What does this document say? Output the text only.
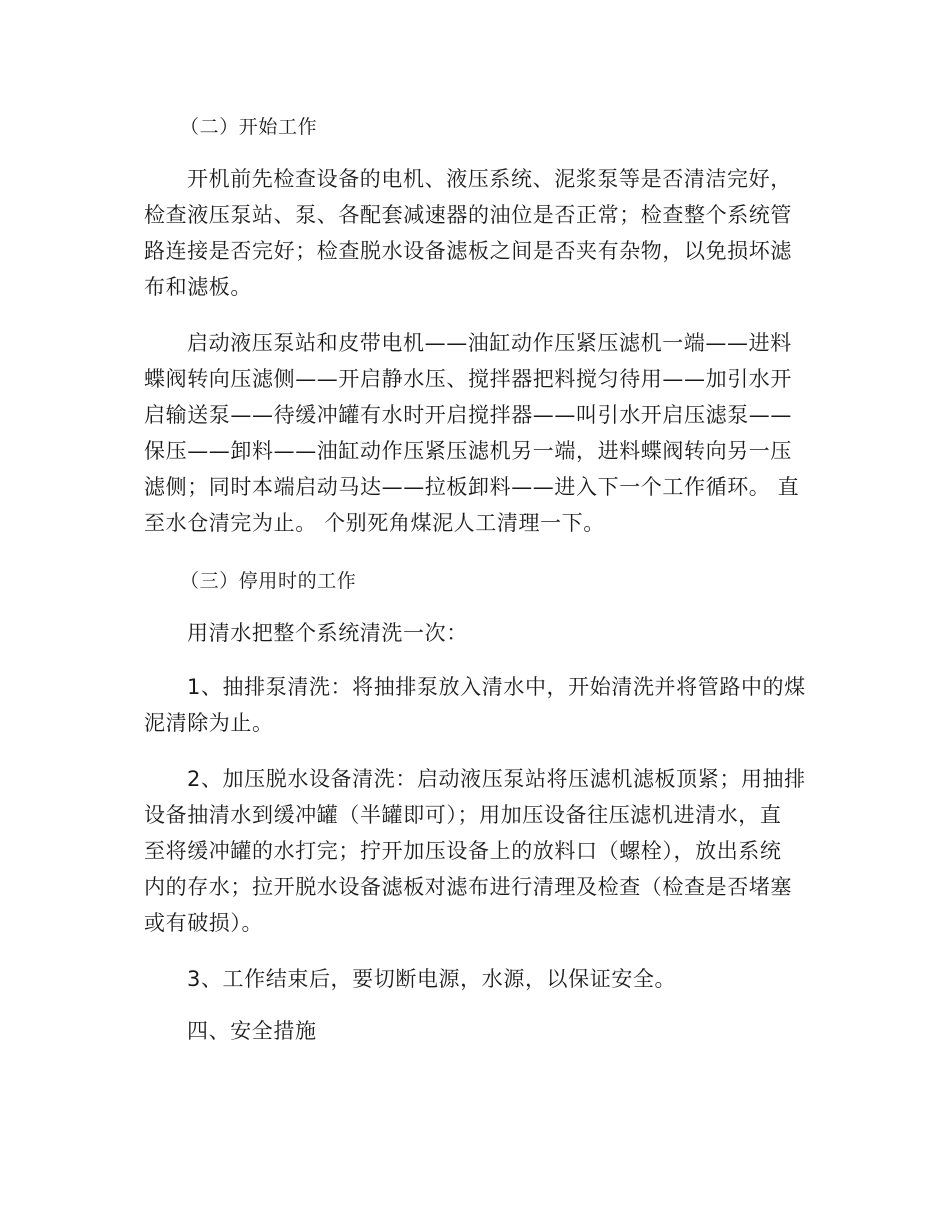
（二）开始工作
开机前先检查设备的电机、液压系统、泥浆泵等是否清洁完好，
检查液压泵站、泵、各配套减速器的油位是否正常；检查整个系统管
路连接是否完好；检查脱水设备滤板之间是否夹有杂物，以免损坏滤
布和滤板。
启动液压泵站和皮带电机——油缸动作压紧压滤机一端——进料
蝶阀转向压滤侧——开启静水压、搅拌器把料搅匀待用——加引水开
启输送泵——待缓冲罐有水时开启搅拌器——叫引水开启压滤泵——
保压——卸料——油缸动作压紧压滤机另一端，进料蝶阀转向另一压
滤侧；同时本端启动马达——拉板卸料——进入下一个工作循环。 直
至水仓清完为止。 个别死角煤泥人工清理一下。
（三）停用时的工作
用清水把整个系统清洗一次：
1、抽排泵清洗：将抽排泵放入清水中，开始清洗并将管路中的煤
泥清除为止。
2、加压脱水设备清洗：启动液压泵站将压滤机滤板顶紧；用抽排
设备抽清水到缓冲罐（半罐即可）；用加压设备往压滤机进清水，直
至将缓冲罐的水打完；拧开加压设备上的放料口（螺栓），放出系统
内的存水；拉开脱水设备滤板对滤布进行清理及检查（检查是否堵塞
或有破损）。
3、工作结束后，要切断电源，水源，以保证安全。
四、安全措施
